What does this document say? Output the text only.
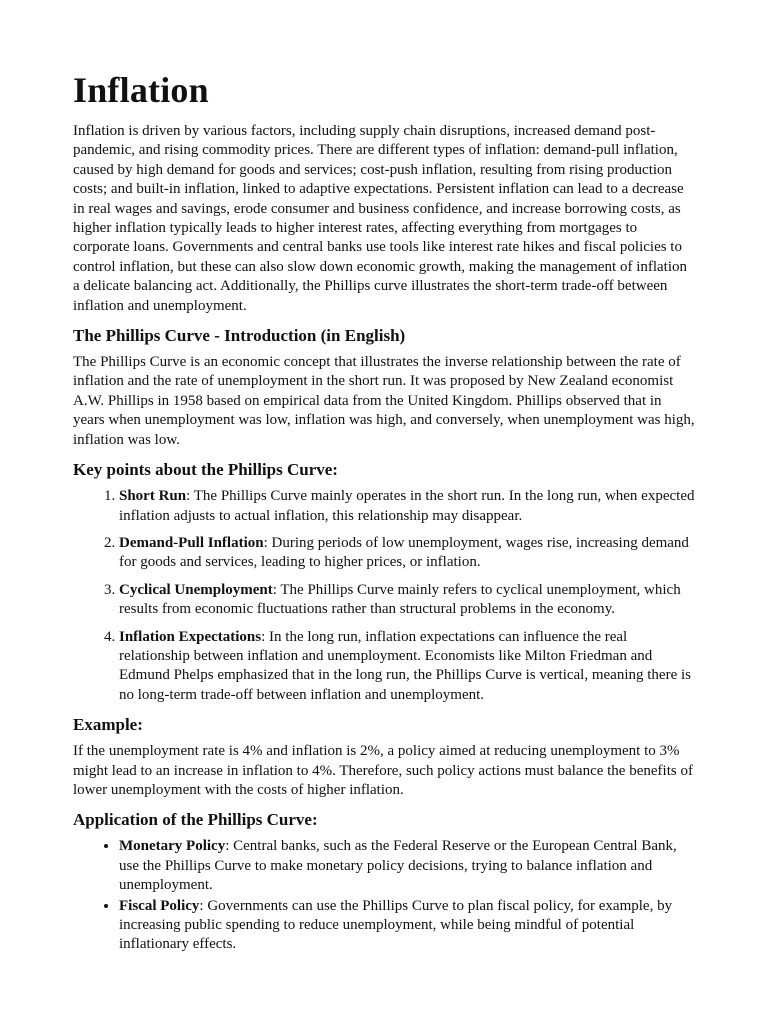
Inflation

Inflation is driven by various factors, including supply chain disruptions, increased demand post-pandemic, and rising commodity prices. There are different types of inflation: demand-pull inflation, caused by high demand for goods and services; cost-push inflation, resulting from rising production costs; and built-in inflation, linked to adaptive expectations. Persistent inflation can lead to a decrease in real wages and savings, erode consumer and business confidence, and increase borrowing costs, as higher inflation typically leads to higher interest rates, affecting everything from mortgages to corporate loans. Governments and central banks use tools like interest rate hikes and fiscal policies to control inflation, but these can also slow down economic growth, making the management of inflation a delicate balancing act. Additionally, the Phillips curve illustrates the short-term trade-off between inflation and unemployment.

The Phillips Curve - Introduction (in English)

The Phillips Curve is an economic concept that illustrates the inverse relationship between the rate of inflation and the rate of unemployment in the short run. It was proposed by New Zealand economist A.W. Phillips in 1958 based on empirical data from the United Kingdom. Phillips observed that in years when unemployment was low, inflation was high, and conversely, when unemployment was high, inflation was low.

Key points about the Phillips Curve:
1. Short Run: The Phillips Curve mainly operates in the short run. In the long run, when expected inflation adjusts to actual inflation, this relationship may disappear.
2. Demand-Pull Inflation: During periods of low unemployment, wages rise, increasing demand for goods and services, leading to higher prices, or inflation.
3. Cyclical Unemployment: The Phillips Curve mainly refers to cyclical unemployment, which results from economic fluctuations rather than structural problems in the economy.
4. Inflation Expectations: In the long run, inflation expectations can influence the real relationship between inflation and unemployment. Economists like Milton Friedman and Edmund Phelps emphasized that in the long run, the Phillips Curve is vertical, meaning there is no long-term trade-off between inflation and unemployment.
Example:

If the unemployment rate is 4% and inflation is 2%, a policy aimed at reducing unemployment to 3% might lead to an increase in inflation to 4%. Therefore, such policy actions must balance the benefits of lower unemployment with the costs of higher inflation.

Application of the Phillips Curve:
• Monetary Policy: Central banks, such as the Federal Reserve or the European Central Bank, use the Phillips Curve to make monetary policy decisions, trying to balance inflation and unemployment.
• Fiscal Policy: Governments can use the Phillips Curve to plan fiscal policy, for example, by increasing public spending to reduce unemployment, while being mindful of potential inflationary effects.
